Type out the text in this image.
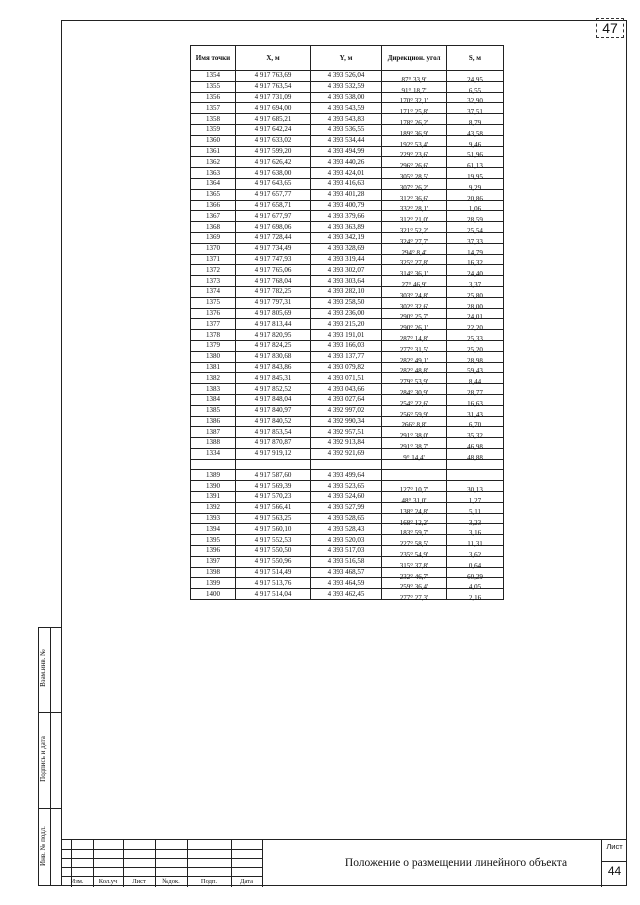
47
Взам.инв. №
Подпись и дата
Инв. № подл.
Имя точки	X, м	Y, м	Дирекцион. угол	S, м
1354	4 917 763,69	4 393 526,04	87° 33,9'	24,95

1355	4 917 763,54	4 393 532,59	91° 18,7'	6,55

1356	4 917 731,09	4 393 538,00	170° 32,1'	32,90

1357	4 917 694,00	4 393 543,59	171° 25,8'	37,51

1358	4 917 685,21	4 393 543,83	178° 26,2'	8,79

1359	4 917 642,24	4 393 536,55	189° 36,9'	43,58

1360	4 917 633,02	4 393 534,44	192° 53,4'	9,46

1361	4 917 599,20	4 393 494,99	229° 23,6'	51,96

1362	4 917 626,42	4 393 440,26	296° 26,6'	61,13

1363	4 917 638,00	4 393 424,01	305° 28,5'	19,95

1364	4 917 643,65	4 393 416,63	307° 26,2'	9,29

1365	4 917 657,77	4 393 401,28	312° 36,6'	20,86

1366	4 917 658,71	4 393 400,79	332° 28,1'	1,06

1367	4 917 677,97	4 393 379,66	312° 21,0'	28,59

1368	4 917 698,06	4 393 363,89	321° 52,2'	25,54

1369	4 917 728,44	4 393 342,19	324° 27,7'	37,33

1370	4 917 734,49	4 393 328,69	294° 8,4'	14,79

1371	4 917 747,93	4 393 319,44	325° 27,8'	16,32

1372	4 917 765,06	4 393 302,07	314° 36,1'	24,40

1373	4 917 768,04	4 393 303,64	27° 46,9'	3,37

1374	4 917 782,25	4 393 282,10	303° 24,8'	25,80

1375	4 917 797,31	4 393 258,50	302° 32,6'	28,00

1376	4 917 805,69	4 393 236,00	290° 25,7'	24,01

1377	4 917 813,44	4 393 215,20	290° 26,1'	22,20

1378	4 917 820,95	4 393 191,01	287° 14,8'	25,33

1379	4 917 824,25	4 393 166,03	277° 31,5'	25,20

1380	4 917 830,68	4 393 137,77	282° 49,1'	28,98

1381	4 917 843,86	4 393 079,82	282° 48,8'	59,43

1382	4 917 845,31	4 393 071,51	279° 53,9'	8,44

1383	4 917 852,52	4 393 043,66	284° 30,9'	28,77

1384	4 917 848,04	4 393 027,64	254° 22,6'	16,63

1385	4 917 840,97	4 392 997,02	256° 59,9'	31,43

1386	4 917 840,52	4 392 990,34	266° 8,8'	6,70

1387	4 917 853,54	4 392 957,51	291° 38,0'	35,32

1388	4 917 870,87	4 392 913,84	291° 38,7'	46,98

1334	4 917 919,12	4 392 921,69	9° 14,4'	48,88

1389	4 917 587,60	4 393 499,64	

1390	4 917 569,39	4 393 523,65	127° 10,7'	30,13

1391	4 917 570,23	4 393 524,60	48° 31,0'	1,27

1392	4 917 566,41	4 393 527,99	138° 24,8'	5,11

1393	4 917 563,25	4 393 528,65	168° 12,2'	3,23

1394	4 917 560,10	4 393 528,43	183° 59,7'	3,16

1395	4 917 552,53	4 393 520,03	227° 58,5'	11,31

1396	4 917 550,50	4 393 517,03	235° 54,9'	3,62

1397	4 917 550,96	4 393 516,58	315° 37,8'	0,64

1398	4 917 514,49	4 393 468,57	232° 46,7'	60,29

1399	4 917 513,76	4 393 464,59	259° 36,4'	4,05

1400	4 917 514,04	4 393 462,45	277° 27,3'	2,16
Изм.	Кол.уч	Лист	№док.	Подп.	Дата
Положение о размещении линейного объекта
Лист
44
